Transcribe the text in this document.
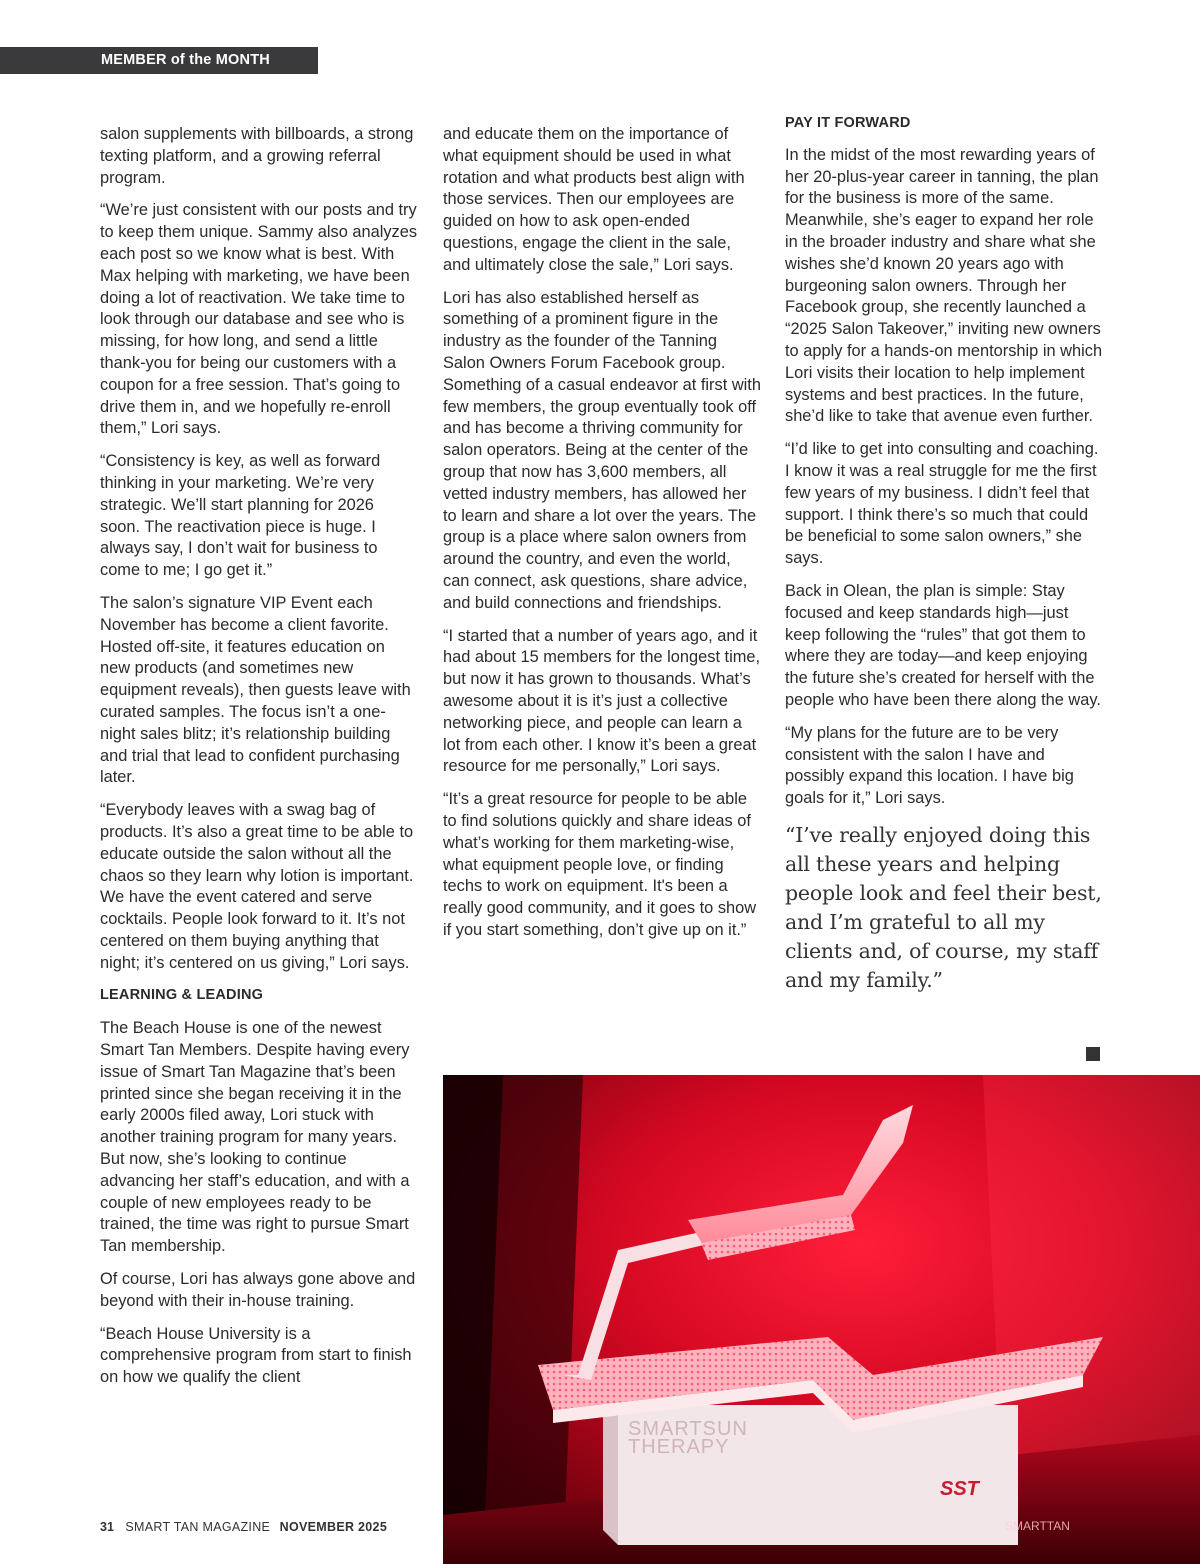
MEMBER of the MONTH

salon supplements with billboards, a strong texting platform, and a growing referral program.

“We’re just consistent with our posts and try to keep them unique. Sammy also analyzes each post so we know what is best. With Max helping with marketing, we have been doing a lot of reactivation. We take time to look through our database and see who is missing, for how long, and send a little thank-you for being our customers with a coupon for a free session. That’s going to drive them in, and we hopefully re-enroll them,” Lori says.

“Consistency is key, as well as forward thinking in your marketing. We’re very strategic. We’ll start planning for 2026 soon. The reactivation piece is huge. I always say, I don’t wait for business to come to me; I go get it.”

The salon’s signature VIP Event each November has become a client favorite. Hosted off-site, it features education on new products (and sometimes new equipment reveals), then guests leave with curated samples. The focus isn’t a one-night sales blitz; it’s relationship building and trial that lead to confident purchasing later.

“Everybody leaves with a swag bag of products. It’s also a great time to be able to educate outside the salon without all the chaos so they learn why lotion is important. We have the event catered and serve cocktails. People look forward to it. It’s not centered on them buying anything that night; it’s centered on us giving,” Lori says.

LEARNING & LEADING

The Beach House is one of the newest Smart Tan Members. Despite having every issue of Smart Tan Magazine that’s been printed since she began receiving it in the early 2000s filed away, Lori stuck with another training program for many years. But now, she’s looking to continue advancing her staff’s education, and with a couple of new employees ready to be trained, the time was right to pursue Smart Tan membership.

Of course, Lori has always gone above and beyond with their in-house training.

“Beach House University is a comprehensive program from start to finish on how we qualify the client

and educate them on the importance of what equipment should be used in what rotation and what products best align with those services. Then our employees are guided on how to ask open-ended questions, engage the client in the sale, and ultimately close the sale,” Lori says.

Lori has also established herself as something of a prominent figure in the industry as the founder of the Tanning Salon Owners Forum Facebook group. Something of a casual endeavor at first with few members, the group eventually took off and has become a thriving community for salon operators. Being at the center of the group that now has 3,600 members, all vetted industry members, has allowed her to learn and share a lot over the years. The group is a place where salon owners from around the country, and even the world, can connect, ask questions, share advice, and build connections and friendships.

“I started that a number of years ago, and it had about 15 members for the longest time, but now it has grown to thousands. What’s awesome about it is it’s just a collective networking piece, and people can learn a lot from each other. I know it’s been a great resource for me personally,” Lori says.

“It’s a great resource for people to be able to find solutions quickly and share ideas of what’s working for them marketing-wise, what equipment people love, or finding techs to work on equipment. It's been a really good community, and it goes to show if you start something, don’t give up on it.”

PAY IT FORWARD

In the midst of the most rewarding years of her 20-plus-year career in tanning, the plan for the business is more of the same. Meanwhile, she’s eager to expand her role in the broader industry and share what she wishes she’d known 20 years ago with burgeoning salon owners. Through her Facebook group, she recently launched a “2025 Salon Takeover,” inviting new owners to apply for a hands-on mentorship in which Lori visits their location to help implement systems and best practices. In the future, she’d like to take that avenue even further.

“I’d like to get into consulting and coaching. I know it was a real struggle for me the first few years of my business. I didn’t feel that support. I think there’s so much that could be beneficial to some salon owners,” she says.

Back in Olean, the plan is simple: Stay focused and keep standards high—just keep following the “rules” that got them to where they are today—and keep enjoying the future she’s created for herself with the people who have been there along the way.

“My plans for the future are to be very consistent with the salon I have and possibly expand this location. I have big goals for it,” Lori says.

“I’ve really enjoyed doing this all these years and helping people look and feel their best, and I’m grateful to all my clients and, of course, my staff and my family.”
SMARTSUN
THERAPY
SST
SMARTTAN
31 SMART TAN MAGAZINE NOVEMBER 2025
